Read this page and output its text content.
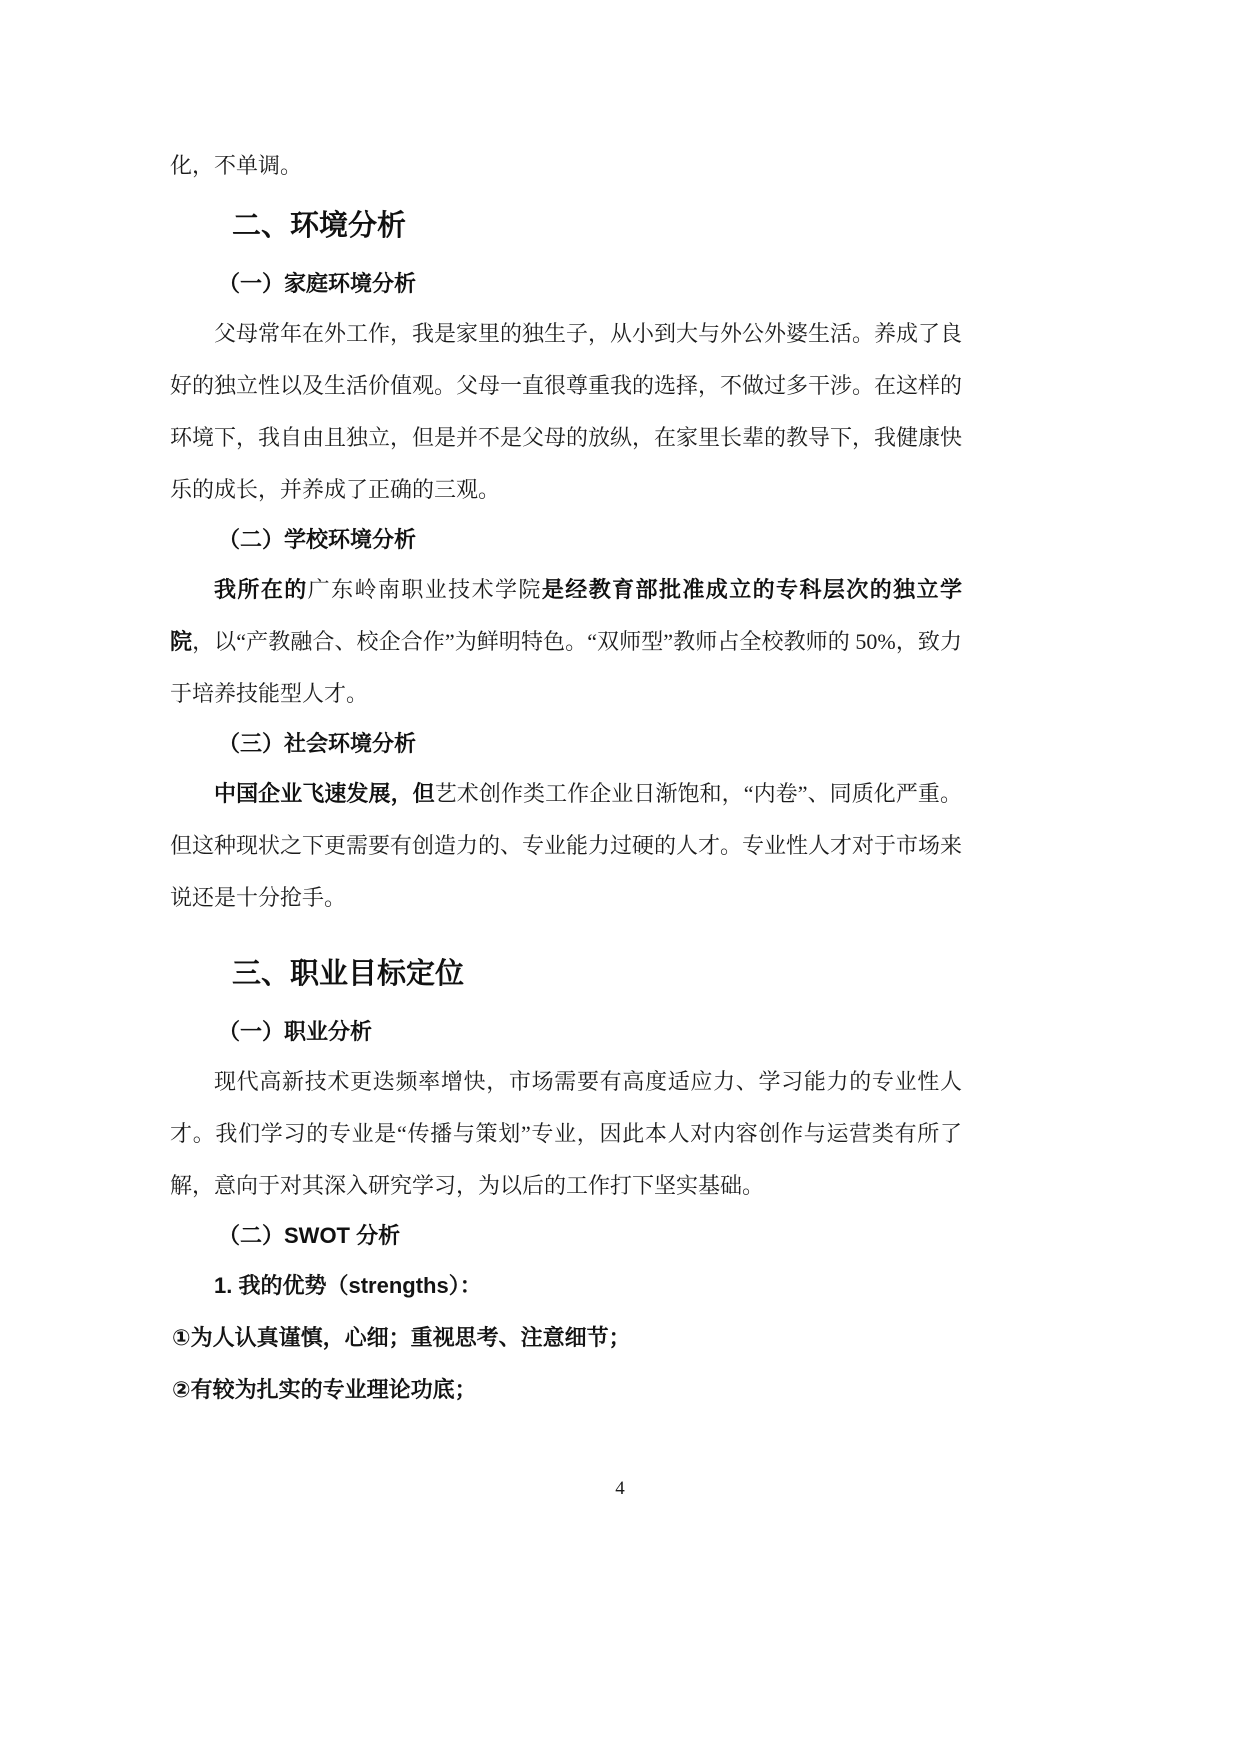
化，不单调。

二、环境分析
（一）家庭环境分析

父母常年在外工作，我是家里的独生子，从小到大与外公外婆生活。养成了良好的独立性以及生活价值观。父母一直很尊重我的选择，不做过多干涉。在这样的环境下，我自由且独立，但是并不是父母的放纵，在家里长辈的教导下，我健康快乐的成长，并养成了正确的三观。

（二）学校环境分析

我所在的广东岭南职业技术学院是经教育部批准成立的专科层次的独立学院，以“产教融合、校企合作”为鲜明特色。“双师型”教师占全校教师的 50%，致力于培养技能型人才。

（三）社会环境分析

中国企业飞速发展，但艺术创作类工作企业日渐饱和，“内卷”、同质化严重。但这种现状之下更需要有创造力的、专业能力过硬的人才。专业性人才对于市场来说还是十分抢手。

三、职业目标定位
（一）职业分析

现代高新技术更迭频率增快，市场需要有高度适应力、学习能力的专业性人才。我们学习的专业是“传播与策划”专业，因此本人对内容创作与运营类有所了解，意向于对其深入研究学习，为以后的工作打下坚实基础。

（二）SWOT 分析

1. 我的优势（strengths）：

①为人认真谨慎，心细；重视思考、注意细节；

②有较为扎实的专业理论功底；

4
